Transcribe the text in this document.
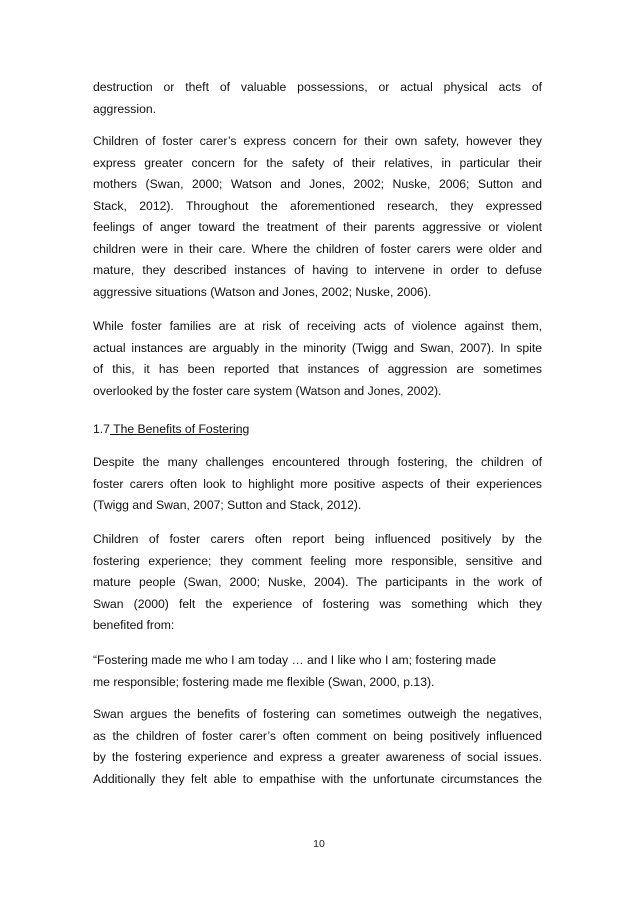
destruction or theft of valuable possessions, or actual physical acts of
aggression.
Children of foster carer’s express concern for their own safety, however they
express greater concern for the safety of their relatives, in particular their
mothers (Swan, 2000; Watson and Jones, 2002; Nuske, 2006; Sutton and
Stack, 2012). Throughout the aforementioned research, they expressed
feelings of anger toward the treatment of their parents aggressive or violent
children were in their care. Where the children of foster carers were older and
mature, they described instances of having to intervene in order to defuse
aggressive situations (Watson and Jones, 2002; Nuske, 2006).
While foster families are at risk of receiving acts of violence against them,
actual instances are arguably in the minority (Twigg and Swan, 2007). In spite
of this, it has been reported that instances of aggression are sometimes
overlooked by the foster care system (Watson and Jones, 2002).
1.7 The Benefits of Fostering
Despite the many challenges encountered through fostering, the children of
foster carers often look to highlight more positive aspects of their experiences
(Twigg and Swan, 2007; Sutton and Stack, 2012).
Children of foster carers often report being influenced positively by the
fostering experience; they comment feeling more responsible, sensitive and
mature people (Swan, 2000; Nuske, 2004). The participants in the work of
Swan (2000) felt the experience of fostering was something which they
benefited from:
“Fostering made me who I am today … and I like who I am; fostering made
me responsible; fostering made me flexible (Swan, 2000, p.13).
Swan argues the benefits of fostering can sometimes outweigh the negatives,
as the children of foster carer’s often comment on being positively influenced
by the fostering experience and express a greater awareness of social issues.
Additionally they felt able to empathise with the unfortunate circumstances the
10
